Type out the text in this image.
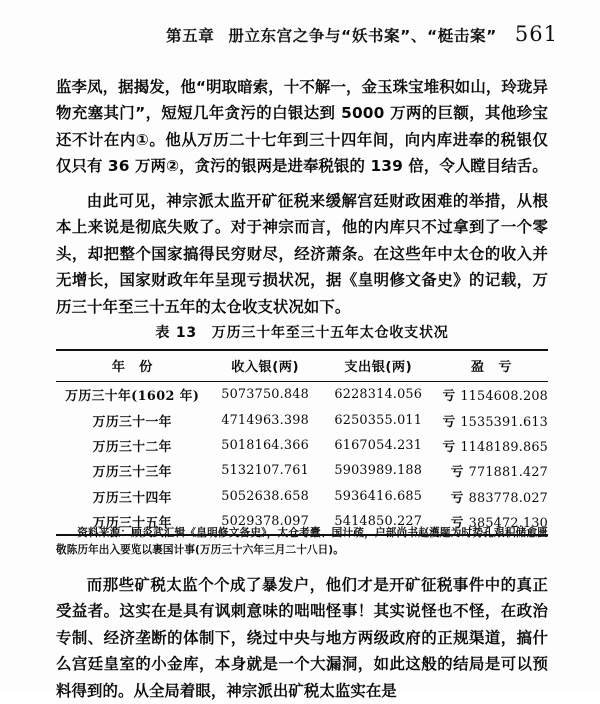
第五章 册立东宫之争与“妖书案”、“梃击案” 561

监李凤，据揭发，他“明取暗索，十不解一，金玉珠宝堆积如山，玲珑异物充塞其门”，短短几年贪污的白银达到 5000 万两的巨额，其他珍宝还不计在内①。他从万历二十七年到三十四年间，向内库进奉的税银仅仅只有 36 万两②，贪污的银两是进奉税银的 139 倍，令人瞠目结舌。

由此可见，神宗派太监开矿征税来缓解宫廷财政困难的举措，从根本上来说是彻底失败了。对于神宗而言，他的内库只不过拿到了一个零头，却把整个国家搞得民穷财尽，经济萧条。在这些年中太仓的收入并无增长，国家财政年年呈现亏损状况，据《皇明修文备史》的记载，万历三十年至三十五年的太仓收支状况如下。

表 13　万历三十年至三十五年太仓收支状况
年　份	收入银(两)	支出银(两)	盈　亏
万历三十年(1602 年)	5073750.848	6228314.056	亏 1154608.208
万历三十一年	4714963.398	6250355.011	亏 1535391.613
万历三十二年	5018164.366	6167054.231	亏 1148189.865
万历三十三年	5132107.761	5903989.188	亏 771881.427
万历三十四年	5052638.658	5936416.685	亏 883778.027
万历三十五年	5029378.097	5414850.227	亏 385472.130
资料来源：顾炎武汇辑《皇明修文备史》，太仓考蠹、国计疏，户部尚书赵濩题为时势孔艰积储愈匮敬陈历年出入要览以裹国计事(万历三十六年三月二十八日)。

而那些矿税太监个个成了暴发户，他们才是开矿征税事件中的真正受益者。这实在是具有讽刺意味的咄咄怪事！其实说怪也不怪，在政治专制、经济垄断的体制下，绕过中央与地方两级政府的正规渠道，搞什么宫廷皇室的小金库，本身就是一个大漏洞，如此这般的结局是可以预料得到的。从全局着眼，神宗派出矿税太监实在是
